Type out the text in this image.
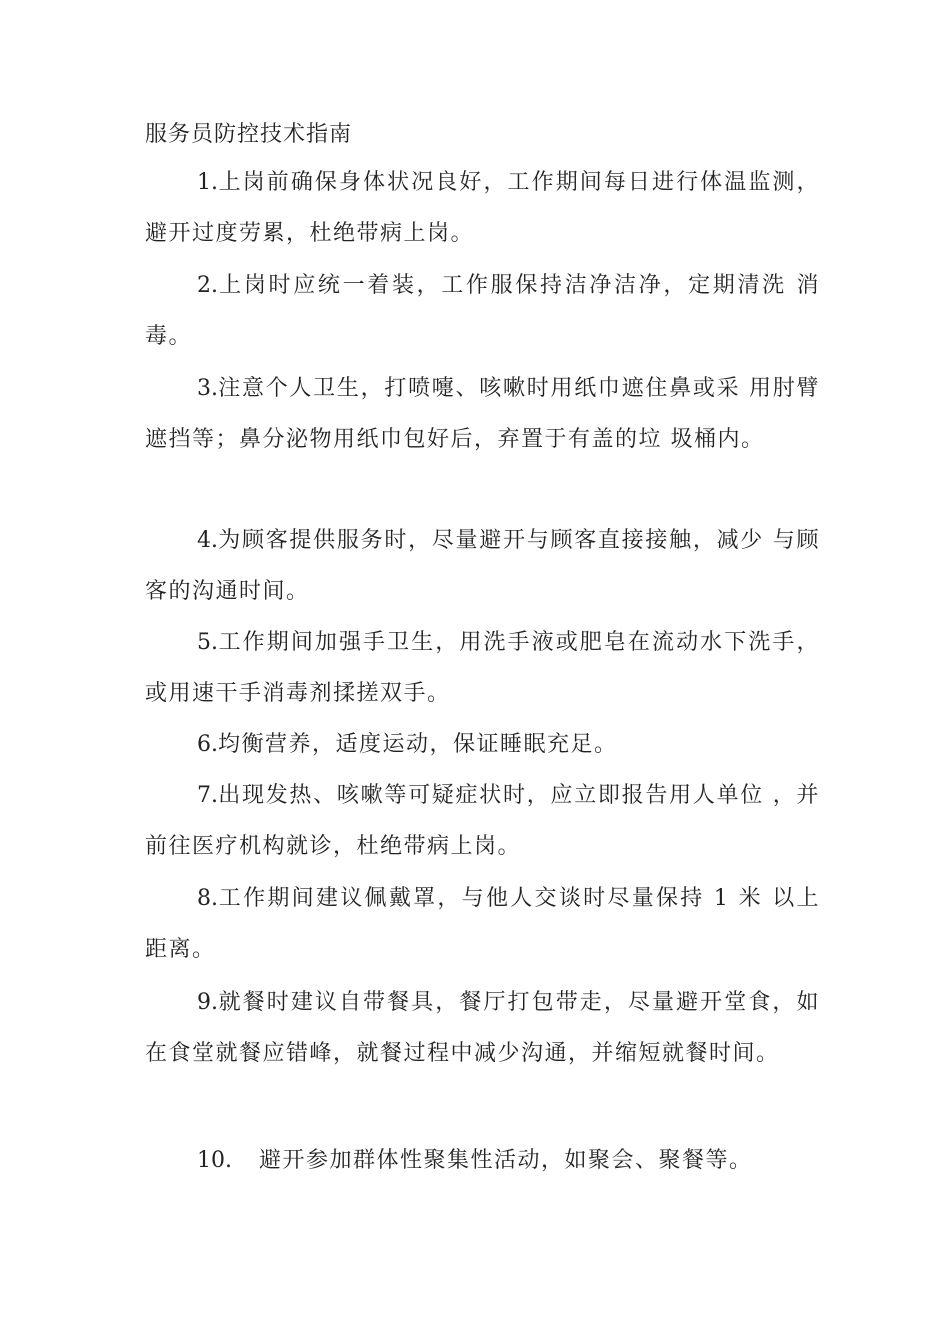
服务员防控技术指南

1.上岗前确保身体状况良好，工作期间每日进行体温监测，避开过度劳累，杜绝带病上岗。

2.上岗时应统一着装，工作服保持洁净洁净，定期清洗 消毒。

3.注意个人卫生，打喷嚏、咳嗽时用纸巾遮住鼻或采 用肘臂遮挡等；鼻分泌物用纸巾包好后，弃置于有盖的垃 圾桶内。

4.为顾客提供服务时，尽量避开与顾客直接接触，减少 与顾客的沟通时间。

5.工作期间加强手卫生，用洗手液或肥皂在流动水下洗手，或用速干手消毒剂揉搓双手。

6.均衡营养，适度运动，保证睡眠充足。

7.出现发热、咳嗽等可疑症状时，应立即报告用人单位 ，并前往医疗机构就诊，杜绝带病上岗。

8.工作期间建议佩戴罩，与他人交谈时尽量保持 1 米 以上距离。

9.就餐时建议自带餐具，餐厅打包带走，尽量避开堂食，如在食堂就餐应错峰，就餐过程中减少沟通，并缩短就餐时间。

10. 避开参加群体性聚集性活动，如聚会、聚餐等。
